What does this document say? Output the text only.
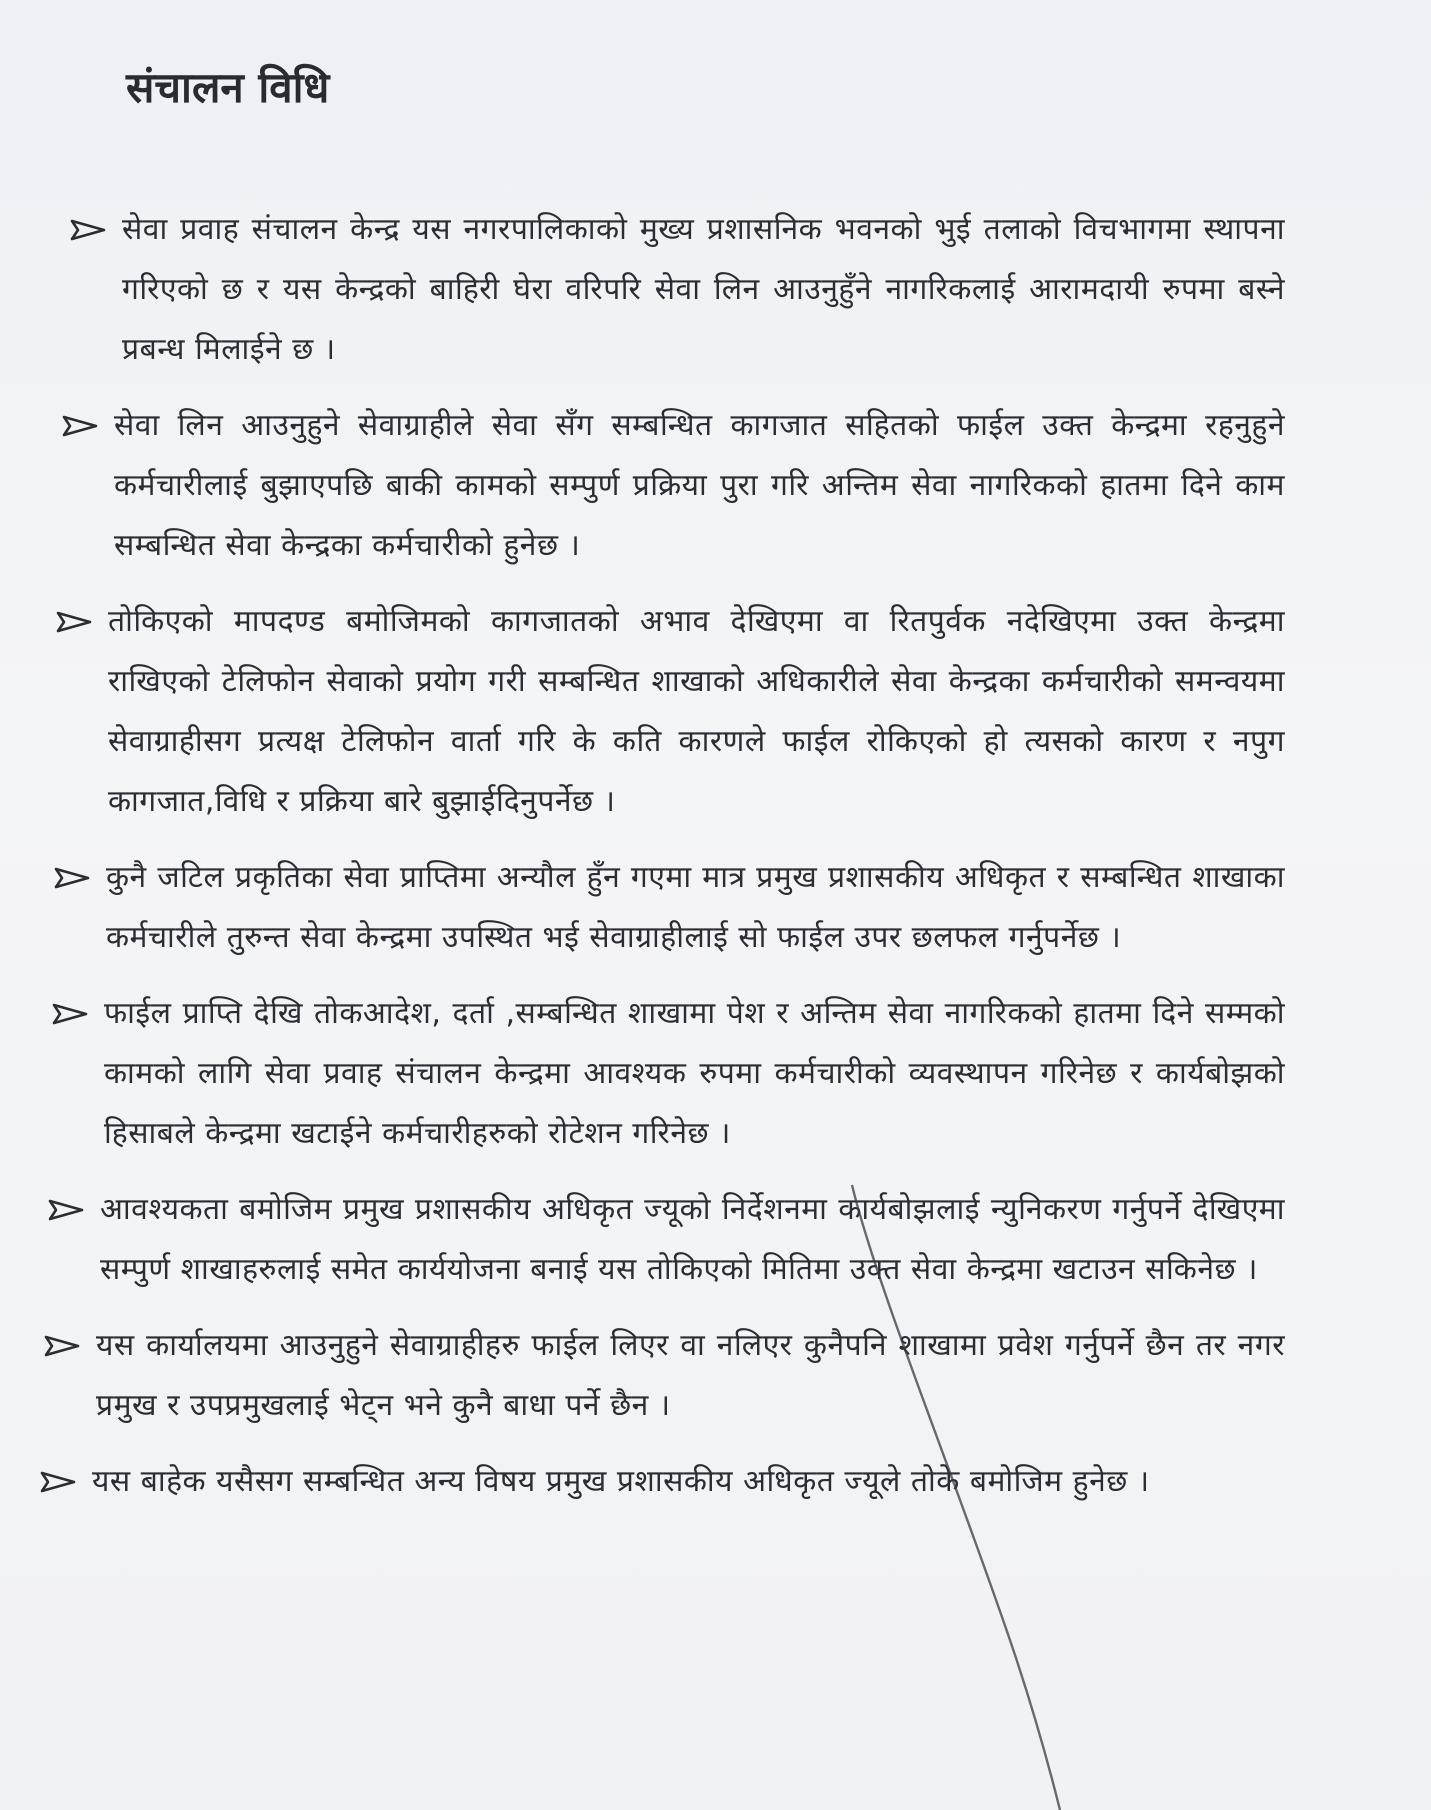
संचालन विधि
सेवा प्रवाह संचालन केन्द्र यस नगरपालिकाको मुख्य प्रशासनिक भवनको भुई तलाको विचभागमा स्थापना गरिएको छ र यस केन्द्रको बाहिरी घेरा वरिपरि सेवा लिन आउनुहुँने नागरिकलाई आरामदायी रुपमा बस्ने प्रबन्ध मिलाईने छ ।
सेवा लिन आउनुहुने सेवाग्राहीले सेवा सँग सम्बन्धित कागजात सहितको फाईल उक्त केन्द्रमा रहनुहुने कर्मचारीलाई बुझाएपछि बाकी कामको सम्पुर्ण प्रक्रिया पुरा गरि अन्तिम सेवा नागरिकको हातमा दिने काम सम्बन्धित सेवा केन्द्रका कर्मचारीको हुनेछ ।
तोकिएको मापदण्ड बमोजिमको कागजातको अभाव देखिएमा वा रितपुर्वक नदेखिएमा उक्त केन्द्रमा राखिएको टेलिफोन सेवाको प्रयोग गरी सम्बन्धित शाखाको अधिकारीले सेवा केन्द्रका कर्मचारीको समन्वयमा सेवाग्राहीसग प्रत्यक्ष टेलिफोन वार्ता गरि के कति कारणले फाईल रोकिएको हो त्यसको कारण र नपुग कागजात,विधि र प्रक्रिया बारे बुझाईदिनुपर्नेछ ।
कुनै जटिल प्रकृतिका सेवा प्राप्तिमा अन्यौल हुँन गएमा मात्र प्रमुख प्रशासकीय अधिकृत र सम्बन्धित शाखाका कर्मचारीले तुरुन्त सेवा केन्द्रमा उपस्थित भई सेवाग्राहीलाई सो फाईल उपर छलफल गर्नुपर्नेछ ।
फाईल प्राप्ति देखि तोकआदेश, दर्ता ,सम्बन्धित शाखामा पेश र अन्तिम सेवा नागरिकको हातमा दिने सम्मको कामको लागि सेवा प्रवाह संचालन केन्द्रमा आवश्यक रुपमा कर्मचारीको व्यवस्थापन गरिनेछ र कार्यबोझको हिसाबले केन्द्रमा खटाईने कर्मचारीहरुको रोटेशन गरिनेछ ।
आवश्यकता बमोजिम प्रमुख प्रशासकीय अधिकृत ज्यूको निर्देशनमा कार्यबोझलाई न्युनिकरण गर्नुपर्ने देखिएमा सम्पुर्ण शाखाहरुलाई समेत कार्ययोजना बनाई यस तोकिएको मितिमा उक्त सेवा केन्द्रमा खटाउन सकिनेछ ।
यस कार्यालयमा आउनुहुने सेवाग्राहीहरु फाईल लिएर वा नलिएर कुनैपनि शाखामा प्रवेश गर्नुपर्ने छैन तर नगर प्रमुख र उपप्रमुखलाई भेट्न भने कुनै बाधा पर्ने छैन ।
यस बाहेक यसैसग सम्बन्धित अन्य विषय प्रमुख प्रशासकीय अधिकृत ज्यूले तोके बमोजिम हुनेछ ।
